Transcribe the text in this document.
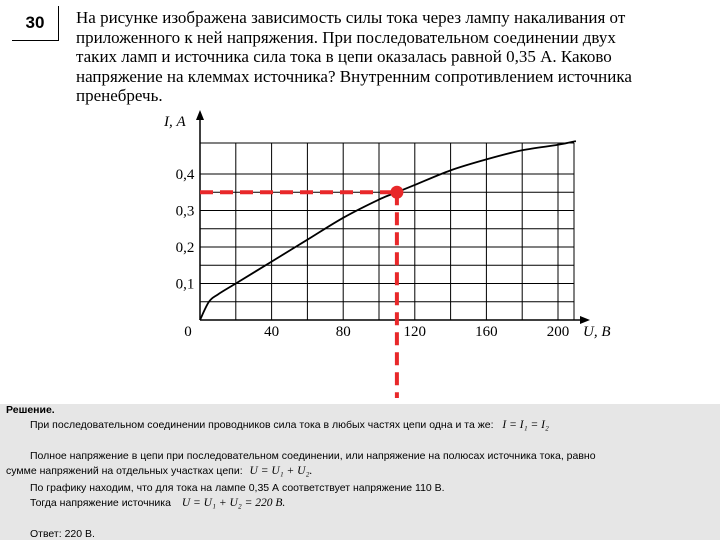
30	На рисунке изображена зависимость силы тока через лампу накаливания от
приложенного к ней напряжения. При последовательном соединении двух
таких ламп и источника сила тока в цепи оказалась равной 0,35 А. Каково
напряжение на клеммах источника? Внутренним сопротивлением источника
пренебречь.
I, А
U, В
0	40	80	120	160	200
0,1
0,2
0,3
0,4
Решение.
При последовательном соединении проводников сила тока в любых частях цепи одна и та же: I = I₁ = I₂
Полное напряжение в цепи при последовательном соединении, или напряжение на полюсах источника тока, равно
сумме напряжений на отдельных участках цепи: U = U₁ + U₂.
По графику находим, что для тока на лампе 0,35 А соответствует напряжение 110 В.
Тогда напряжение источника U = U₁ + U₂ = 220 В.
Ответ: 220 В.
